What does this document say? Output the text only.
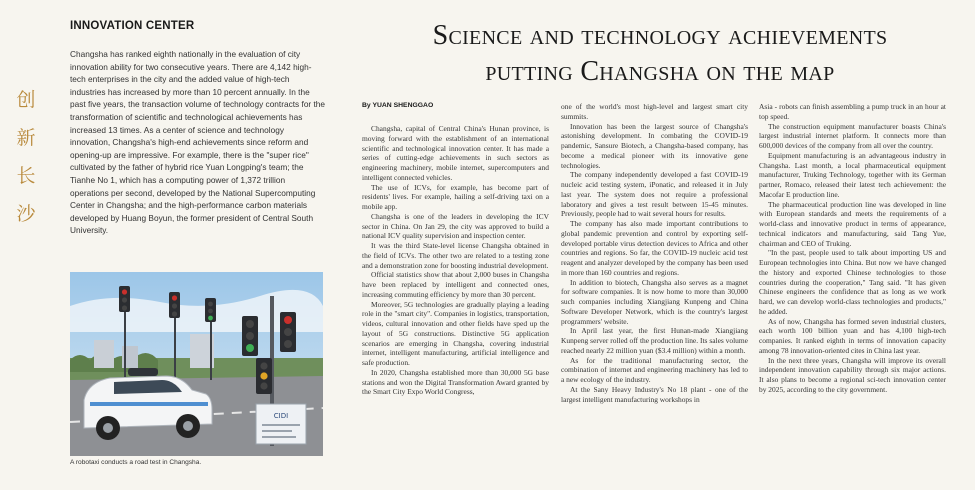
创
新
长
沙
INNOVATION CENTER

Changsha has ranked eighth nationally in the evaluation of city innovation ability for two consecutive years. There are 4,142 high-tech enterprises in the city and the added value of high-tech industries has increased by more than 10 percent annually. In the past five years, the transaction volume of technology contracts for the transformation of scientific and technological achievements has increased 13 times. As a center of science and technology innovation, Changsha's high-end achievements since reform and opening-up are impressive. For example, there is the "super rice" cultivated by the father of hybrid rice Yuan Longping's team; the Tianhe No 1, which has a computing power of 1,372 trillion operations per second, developed by the National Supercomputing Center in Changsha; and the high-performance carbon materials developed by Huang Boyun, the former president of Central South University.

CIDI
A robotaxi conducts a road test in Changsha.
Science and technology achievements
putting Changsha on the map
By YUAN SHENGGAO

Changsha, capital of Central China's Hunan province, is moving forward with the establishment of an international scientific and technological innovation center. It has made a series of cutting-edge achievements in such sectors as engineering machinery, mobile internet, supercomputers and intelligent connected vehicles.

The use of ICVs, for example, has become part of residents' lives. For example, hailing a self-driving taxi on a mobile app.

Changsha is one of the leaders in developing the ICV sector in China. On Jan 29, the city was approved to build a national ICV quality supervision and inspection center.

It was the third State-level license Changsha obtained in the field of ICVs. The other two are related to a testing zone and a demonstration zone for boosting industrial development.

Official statistics show that about 2,000 buses in Changsha have been replaced by intelligent and connected ones, increasing commuting efficiency by more than 30 percent.

Moreover, 5G technologies are gradually playing a leading role in the "smart city". Companies in logistics, transportation, videos, cultural innovation and other fields have sped up the layout of 5G constructions. Distinctive 5G application scenarios are emerging in Changsha, covering industrial internet, intelligent manufacturing, artificial intelligence and safe production.

In 2020, Changsha established more than 30,000 5G base stations and won the Digital Transformation Award granted by the Smart City Expo World Congress,

one of the world's most high-level and largest smart city summits.

Innovation has been the largest source of Changsha's astonishing development. In combating the COVID-19 pandemic, Sansure Biotech, a Changsha-based company, has become a medical pioneer with its innovative gene technologies.

The company independently developed a fast COVID-19 nucleic acid testing system, iPonatic, and released it in July last year. The system does not require a professional laboratory and gives a test result between 15-45 minutes. Previously, people had to wait several hours for results.

The company has also made important contributions to global pandemic prevention and control by exporting self-developed portable virus detection devices to Africa and other countries and regions. So far, the COVID-19 nucleic acid test reagent and analyzer developed by the company has been used in more than 160 countries and regions.

In addition to biotech, Changsha also serves as a magnet for software companies. It is now home to more than 30,000 such companies including Xiangjiang Kunpeng and China Software Developer Network, which is the country's largest programmers' website.

In April last year, the first Hunan-made Xiangjiang Kunpeng server rolled off the production line. Its sales volume reached nearly 22 million yuan ($3.4 million) within a month.

As for the traditional manufacturing sector, the combination of internet and engineering machinery has led to a new ecology of the industry.

At the Sany Heavy Industry's No 18 plant - one of the largest intelligent manufacturing workshops in

Asia - robots can finish assembling a pump truck in an hour at top speed.

The construction equipment manufacturer boasts China's largest industrial internet platform. It connects more than 600,000 devices of the company from all over the country.

Equipment manufacturing is an advantageous industry in Changsha. Last month, a local pharmaceutical equipment manufacturer, Truking Technology, together with its German partner, Romaco, released their latest tech achievement: the Macofar E production line.

The pharmaceutical production line was developed in line with European standards and meets the requirements of a world-class and innovative product in terms of appearance, technical indicators and manufacturing, said Tang Yue, chairman and CEO of Truking.

"In the past, people used to talk about importing US and European technologies into China. But now we have changed the history and exported Chinese technologies to those countries during the cooperation," Tang said. "It has given Chinese engineers the confidence that as long as we work hard, we can develop world-class technologies and products," he added.

As of now, Changsha has formed seven industrial clusters, each worth 100 billion yuan and has 4,100 high-tech companies. It ranked eighth in terms of innovation capacity among 78 innovation-oriented cites in China last year.

In the next three years, Changsha will improve its overall independent innovation capability through six major actions. It also plans to become a regional sci-tech innovation center by 2025, according to the city government.
